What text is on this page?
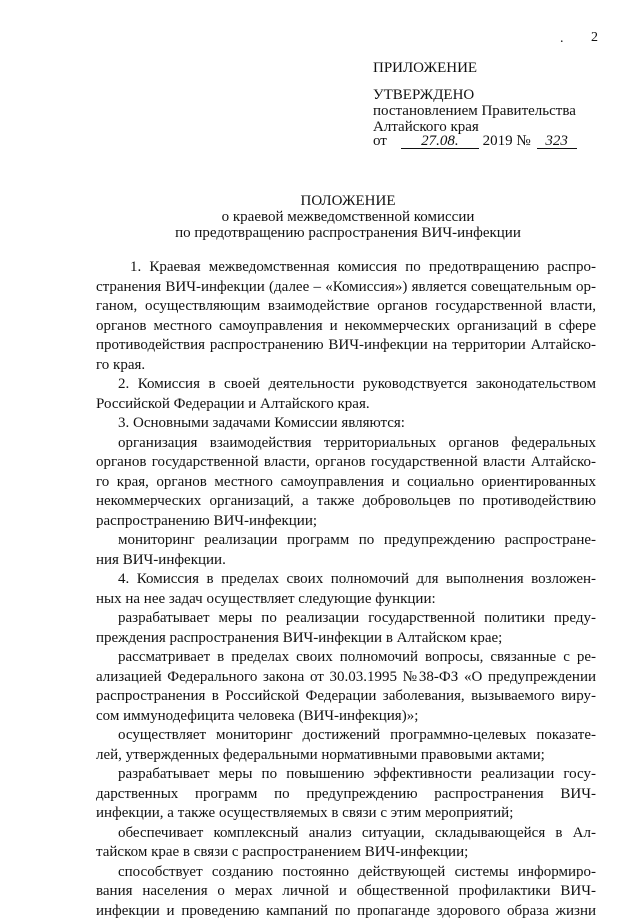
2
.
ПРИЛОЖЕНИЕ
УТВЕРЖДЕНО
постановлением Правительства
Алтайского края
от 27.08. 2019 № 323
ПОЛОЖЕНИЕ
о краевой межведомственной комиссии
по предотвращению распространения ВИЧ-инфекции
1. Краевая межведомственная комиссия по предотвращению распро-
странения ВИЧ-инфекции (далее – «Комиссия») является совещательным ор-
ганом, осуществляющим взаимодействие органов государственной власти,
органов местного самоуправления и некоммерческих организаций в сфере
противодействия распространению ВИЧ-инфекции на территории Алтайско-
го края.
2. Комиссия в своей деятельности руководствуется законодательством
Российской Федерации и Алтайского края.
3. Основными задачами Комиссии являются:
организация взаимодействия территориальных органов федеральных
органов государственной власти, органов государственной власти Алтайско-
го края, органов местного самоуправления и социально ориентированных
некоммерческих организаций, а также добровольцев по противодействию
распространению ВИЧ-инфекции;
мониторинг реализации программ по предупреждению распростране-
ния ВИЧ-инфекции.
4. Комиссия в пределах своих полномочий для выполнения возложен-
ных на нее задач осуществляет следующие функции:
разрабатывает меры по реализации государственной политики преду-
преждения распространения ВИЧ-инфекции в Алтайском крае;
рассматривает в пределах своих полномочий вопросы, связанные с ре-
ализацией Федерального закона от 30.03.1995 №38-ФЗ «О предупреждении
распространения в Российской Федерации заболевания, вызываемого виру-
сом иммунодефицита человека (ВИЧ-инфекция)»;
осуществляет мониторинг достижений программно-целевых показате-
лей, утвержденных федеральными нормативными правовыми актами;
разрабатывает меры по повышению эффективности реализации госу-
дарственных программ по предупреждению распространения ВИЧ-
инфекции, а также осуществляемых в связи с этим мероприятий;
обеспечивает комплексный анализ ситуации, складывающейся в Ал-
тайском крае в связи с распространением ВИЧ-инфекции;
способствует созданию постоянно действующей системы информиро-
вания населения о мерах личной и общественной профилактики ВИЧ-
инфекции и проведению кампаний по пропаганде здорового образа жизни
